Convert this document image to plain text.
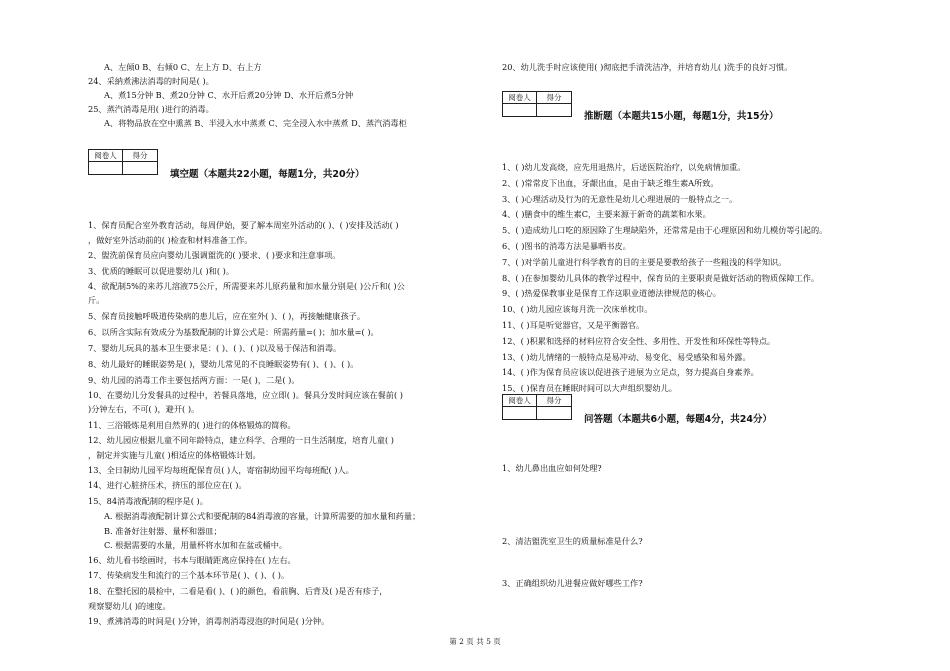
A、左倾0 B、右倾0 C、左上方 D、右上方
24、采納煮沸法消毒的时间是( )。
A、煮15分钟 B、煮20分钟 C、水开后煮20分钟 D、水开后煮5分钟
25、蒸汽消毒是用( )进行的消毒。
A、将物品放在空中熏蒸 B、半浸入水中蒸煮 C、完全浸入水中蒸煮 D、蒸汽消毒柜
阅卷人	得分
填空题（本题共22小题，每题1分，共20分）
1、保育员配合室外教育活动，每周伊始，要了解本周室外活动的( )、( )安排及活动( )
，做好室外活动前的( )检查和材料准备工作。
2、盥洗前保育员应向婴幼儿强调盥洗的( )要求、( )要求和注意事项。
3、优质的睡眠可以促进婴幼儿( )和( )。
4、欲配制5%的来苏儿溶液75公斤，所需要来苏儿原药量和加水量分别是( )公斤和( )公
斤。
5、保育员接触呼吸道传染病的患儿后，应在室外( )、( )，再接触健康孩子。
6、以所含实际有效成分为基数配制的计算公式是：所需药量=( )；加水量=( )。
7、婴幼儿玩具的基本卫生要求是：( )、( )、( )以及易于保洁和消毒。
8、幼儿最好的睡眠姿势是( )，婴幼儿常见的不良睡眠姿势有( )、( )、( )。
9、幼儿园的消毒工作主要包括两方面：一是( )，二是( )。
10、在婴幼儿分发餐具的过程中，若餐具落地，应立即( )。餐具分发时间应该在餐前( )
)分钟左右，不可( )，避开( )。
11、三浴锻炼是利用自然界的( )进行的体格锻炼的简称。
12、幼儿园应根据儿童不同年龄特点，建立科学、合理的一日生活制度，培育儿童( )
，制定并实施与儿童( )相适应的体格锻炼计划。
13、全日制幼儿园平均每班配保育员( )人，寄宿制幼园平均每班配( )人。
14、进行心脏挤压术，挤压的部位应在( )。
15、84消毒液配制的程序是( )。
A. 根据消毒液配制计算公式和要配制的84消毒液的容量，计算所需要的加水量和药量；
B. 准备好注射器、量杯和器皿；
C. 根据需要的水量，用量杯将水加和在盆或桶中。
16、幼儿看书绘画时，书本与眼睛距离应保持在( )左右。
17、传染病发生和流行的三个基本环节是( )、( )、( )。
18、在整托园的晨检中，二看是看( )、( )的颜色，看前胸、后背及( )是否有疹子，
观察婴幼儿( )的速度。
19、煮沸消毒的时间是( )分钟，消毒剂消毒浸泡的时间是( )分钟。
20、幼儿洗手时应该使用( )彻底把手清洗洁净，并培育幼儿( )洗手的良好习惯。
阅卷人	得分
推断题（本题共15小题，每题1分，共15分）
1、( )幼儿发高烧，应先用退热片，后送医院治疗，以免病情加重。
2、( )常常皮下出血，牙龈出血，是由于缺乏维生素A所致。
3、( )心理活动及行为的无意性是幼儿心理进展的一般特点之一。
4、( )膳食中的维生素C，主要来源于新奇的蔬菜和水果。
5、( )造成幼儿口吃的原因除了生理缺陷外，还常常是由于心理原因和幼儿模仿等引起的。
6、( )图书的消毒方法是暴晒书皮。
7、( )对学前儿童进行科学教育的目的主要是要教给孩子一些粗浅的科学知识。
8、( )在参加婴幼儿具体的教学过程中，保育员的主要职责是做好活动的物质保障工作。
9、( )热爱保教事业是保育工作这职业道德法律规范的核心。
10、( )幼儿园应该每月洗一次床单枕巾。
11、( )耳是听觉器官，又是平衡器官。
12、( )积累和选择的材料应符合安全性、多用性、开发性和环保性等特点。
13、( )幼儿情绪的一般特点是易冲动、易变化、易受感染和易外露。
14、( )作为保育员应该以促进孩子进展为立足点，努力提高自身素养。
15、( )保育员在睡眠时间可以大声组织婴幼儿。
阅卷人	得分
问答题（本题共6小题，每题4分，共24分）
1、幼儿鼻出血应如何处理?
2、清洁盥洗室卫生的质量标准是什么?
3、正确组织幼儿进餐应做好哪些工作?
第 2 页 共 5 页
